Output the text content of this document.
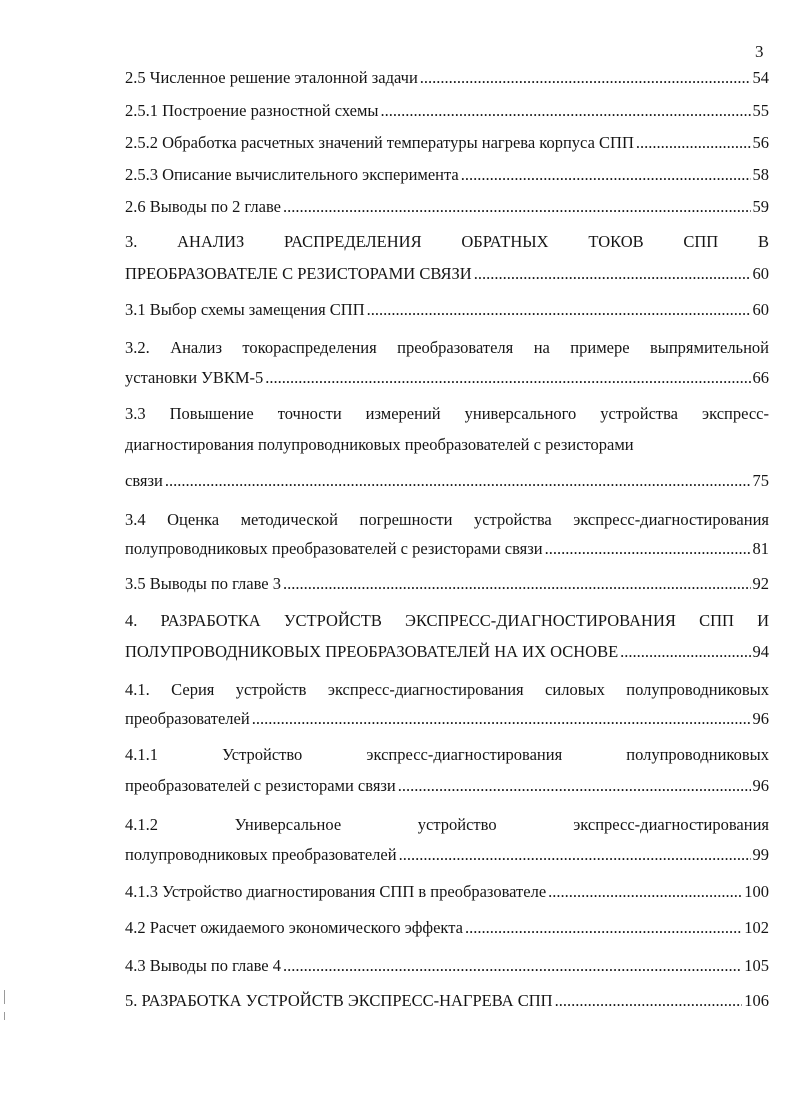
3
2.5 Численное решение эталонной задачи .....	54
2.5.1 Построение разностной схемы .....	55
2.5.2 Обработка расчетных значений температуры нагрева корпуса СПП .....	56
2.5.3 Описание вычислительного эксперимента .....	58
2.6 Выводы по 2 главе .....	59
3. АНАЛИЗ РАСПРЕДЕЛЕНИЯ ОБРАТНЫХ ТОКОВ СПП В
ПРЕОБРАЗОВАТЕЛЕ С РЕЗИСТОРАМИ СВЯЗИ .....	60
3.1 Выбор схемы замещения СПП .....	60
3.2. Анализ токораспределения преобразователя на примере выпрямительной
установки УВКМ-5 .....	66
3.3 Повышение точности измерений универсального устройства экспресс-
диагностирования полупроводниковых преобразователей с резисторами
связи .....	75
3.4 Оценка методической погрешности устройства экспресс-диагностирования
полупроводниковых преобразователей с резисторами связи .....	81
3.5 Выводы по главе 3 .....	92
4. РАЗРАБОТКА УСТРОЙСТВ ЭКСПРЕСС-ДИАГНОСТИРОВАНИЯ СПП И
ПОЛУПРОВОДНИКОВЫХ ПРЕОБРАЗОВАТЕЛЕЙ НА ИХ ОСНОВЕ .....	94
4.1. Серия устройств экспресс-диагностирования силовых полупроводниковых
преобразователей .....	96
4.1.1 Устройство экспресс-диагностирования полупроводниковых
преобразователей с резисторами связи .....	96
4.1.2 Универсальное устройство экспресс-диагностирования
полупроводниковых преобразователей .....	99
4.1.3 Устройство диагностирования СПП в преобразователе .....	100
4.2 Расчет ожидаемого экономического эффекта .....	102
4.3 Выводы по главе 4 .....	105
5. РАЗРАБОТКА УСТРОЙСТВ ЭКСПРЕСС-НАГРЕВА СПП .....	106
